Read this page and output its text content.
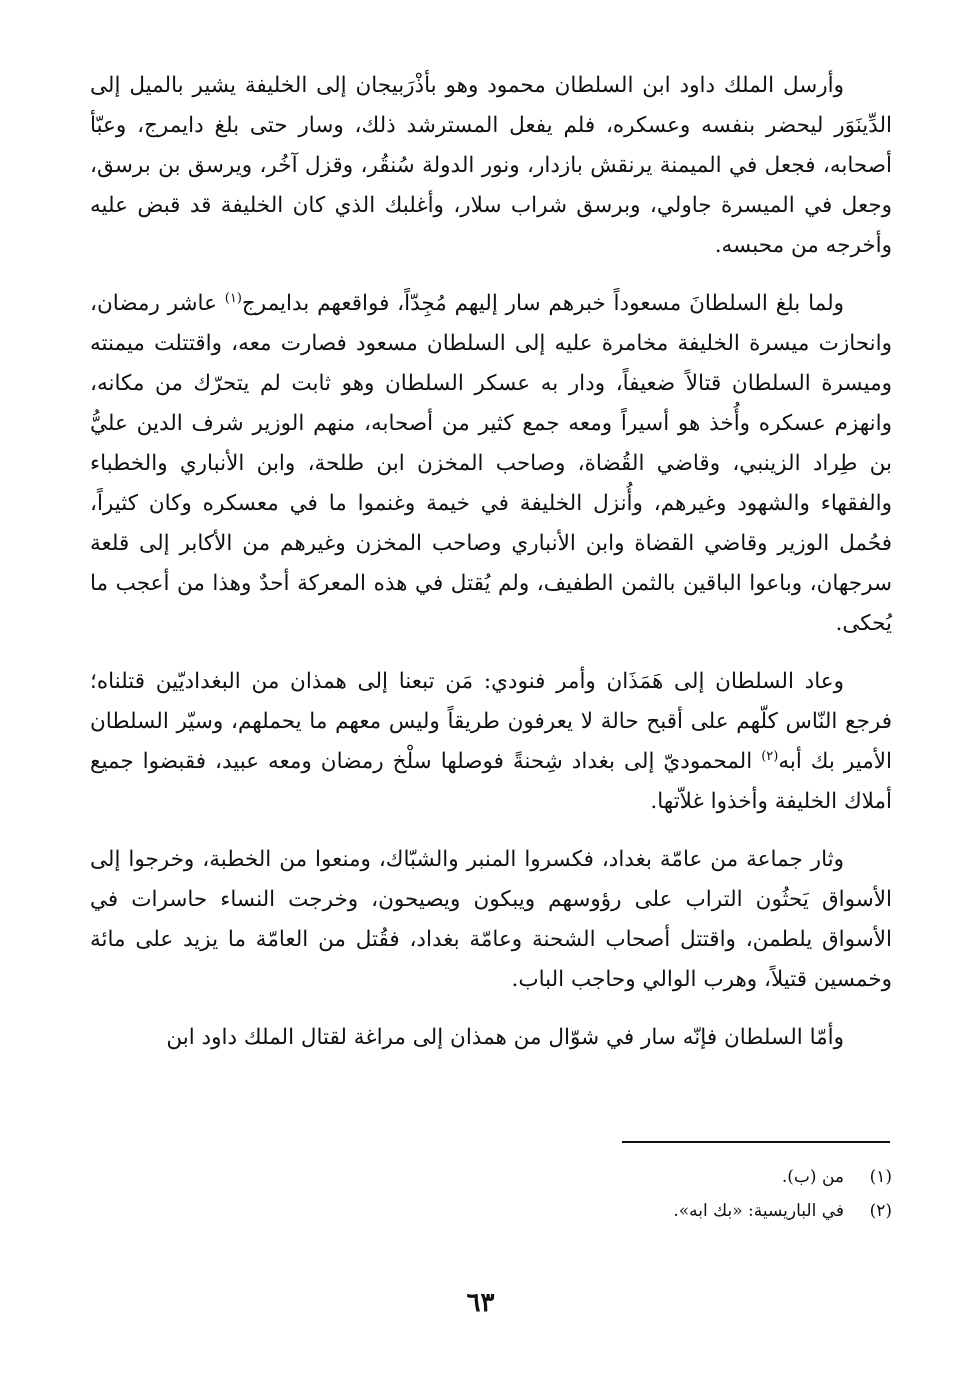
وأرسل الملك داود ابن السلطان محمود وهو بأذْرَبيجان إلى الخليفة يشير بالميل إلى الدِّينَوَر ليحضر بنفسه وعسكره، فلم يفعل المسترشد ذلك، وسار حتى بلغ دايمرج، وعبّأ أصحابه، فجعل في الميمنة يرنقش بازدار، ونور الدولة سُنقُر، وقزل آخُر، ويرسق بن برسق، وجعل في الميسرة جاولي، وبرسق شراب سلار، وأغلبك الذي كان الخليفة قد قبض عليه وأخرجه من محبسه.

ولما بلغ السلطانَ مسعوداً خبرهم سار إليهم مُجِدّاً، فواقعهم بدايمرج$^{(١)}$ عاشر رمضان، وانحازت ميسرة الخليفة مخامرة عليه إلى السلطان مسعود فصارت معه، واقتتلت ميمنته وميسرة السلطان قتالاً ضعيفاً، ودار به عسكر السلطان وهو ثابت لم يتحرّك من مكانه، وانهزم عسكره وأُخذ هو أسيراً ومعه جمع كثير من أصحابه، منهم الوزير شرف الدين عليُّ بن طِراد الزينبي، وقاضي القُضاة، وصاحب المخزن ابن طلحة، وابن الأنباري والخطباء والفقهاء والشهود وغيرهم، وأُنزل الخليفة في خيمة وغنموا ما في معسكره وكان كثيراً، فحُمل الوزير وقاضي القضاة وابن الأنباري وصاحب المخزن وغيرهم من الأكابر إلى قلعة سرجهان، وباعوا الباقين بالثمن الطفيف، ولم يُقتل في هذه المعركة أحدٌ وهذا من أعجب ما يُحكى.

وعاد السلطان إلى هَمَذَان وأمر فنودي: مَن تبعنا إلى همذان من البغداديّين قتلناه؛ فرجع النّاس كلّهم على أقبح حالة لا يعرفون طريقاً وليس معهم ما يحملهم، وسيّر السلطان الأمير بك أبه$^{(٢)}$ المحموديّ إلى بغداد شِحنةً فوصلها سلْخ رمضان ومعه عبيد، فقبضوا جميع أملاك الخليفة وأخذوا غلاّتها.

وثار جماعة من عامّة بغداد، فكسروا المنبر والشبّاك، ومنعوا من الخطبة، وخرجوا إلى الأسواق يَحثُون التراب على رؤوسهم ويبكون ويصيحون، وخرجت النساء حاسرات في الأسواق يلطمن، واقتتل أصحاب الشحنة وعامّة بغداد، فقُتل من العامّة ما يزيد على مائة وخمسين قتيلاً، وهرب الوالي وحاجب الباب.

وأمّا السلطان فإنّه سار في شوّال من همذان إلى مراغة لقتال الملك داود ابن

(١)
من (ب).
(٢)
في الباريسية: «بك ابه».
٦٣
